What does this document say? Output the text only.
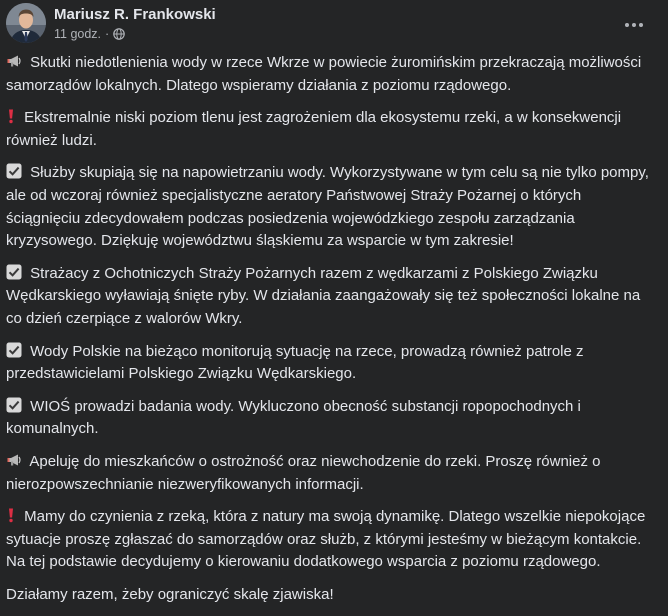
Mariusz R. Frankowski
11 godz. ·
Skutki niedotlenienia wody w rzece Wkrze w powiecie żuromińskim przekraczają możliwości samorządów lokalnych. Dlatego wspieramy działania z poziomu rządowego.
Ekstremalnie niski poziom tlenu jest zagrożeniem dla ekosystemu rzeki, a w konsekwencji również ludzi.
Służby skupiają się na napowietrzaniu wody. Wykorzystywane w tym celu są nie tylko pompy, ale od wczoraj również specjalistyczne aeratory Państwowej Straży Pożarnej o których ściągnięciu zdecydowałem podczas posiedzenia wojewódzkiego zespołu zarządzania kryzysowego. Dziękuję województwu śląskiemu za wsparcie w tym zakresie!
Strażacy z Ochotniczych Straży Pożarnych razem z wędkarzami z Polskiego Związku Wędkarskiego wyławiają śnięte ryby. W działania zaangażowały się też społeczności lokalne na co dzień czerpiące z walorów Wkry.
Wody Polskie na bieżąco monitorują sytuację na rzece, prowadzą również patrole z przedstawicielami Polskiego Związku Wędkarskiego.
WIOŚ prowadzi badania wody. Wykluczono obecność substancji ropopochodnych i komunalnych.
Apeluję do mieszkańców o ostrożność oraz niewchodzenie do rzeki. Proszę również o nierozpowszechnianie niezweryfikowanych informacji.
Mamy do czynienia z rzeką, która z natury ma swoją dynamikę. Dlatego wszelkie niepokojące sytuacje proszę zgłaszać do samorządów oraz służb, z którymi jesteśmy w bieżącym kontakcie. Na tej podstawie decydujemy o kierowaniu dodatkowego wsparcia z poziomu rządowego.
Działamy razem, żeby ograniczyć skalę zjawiska!
